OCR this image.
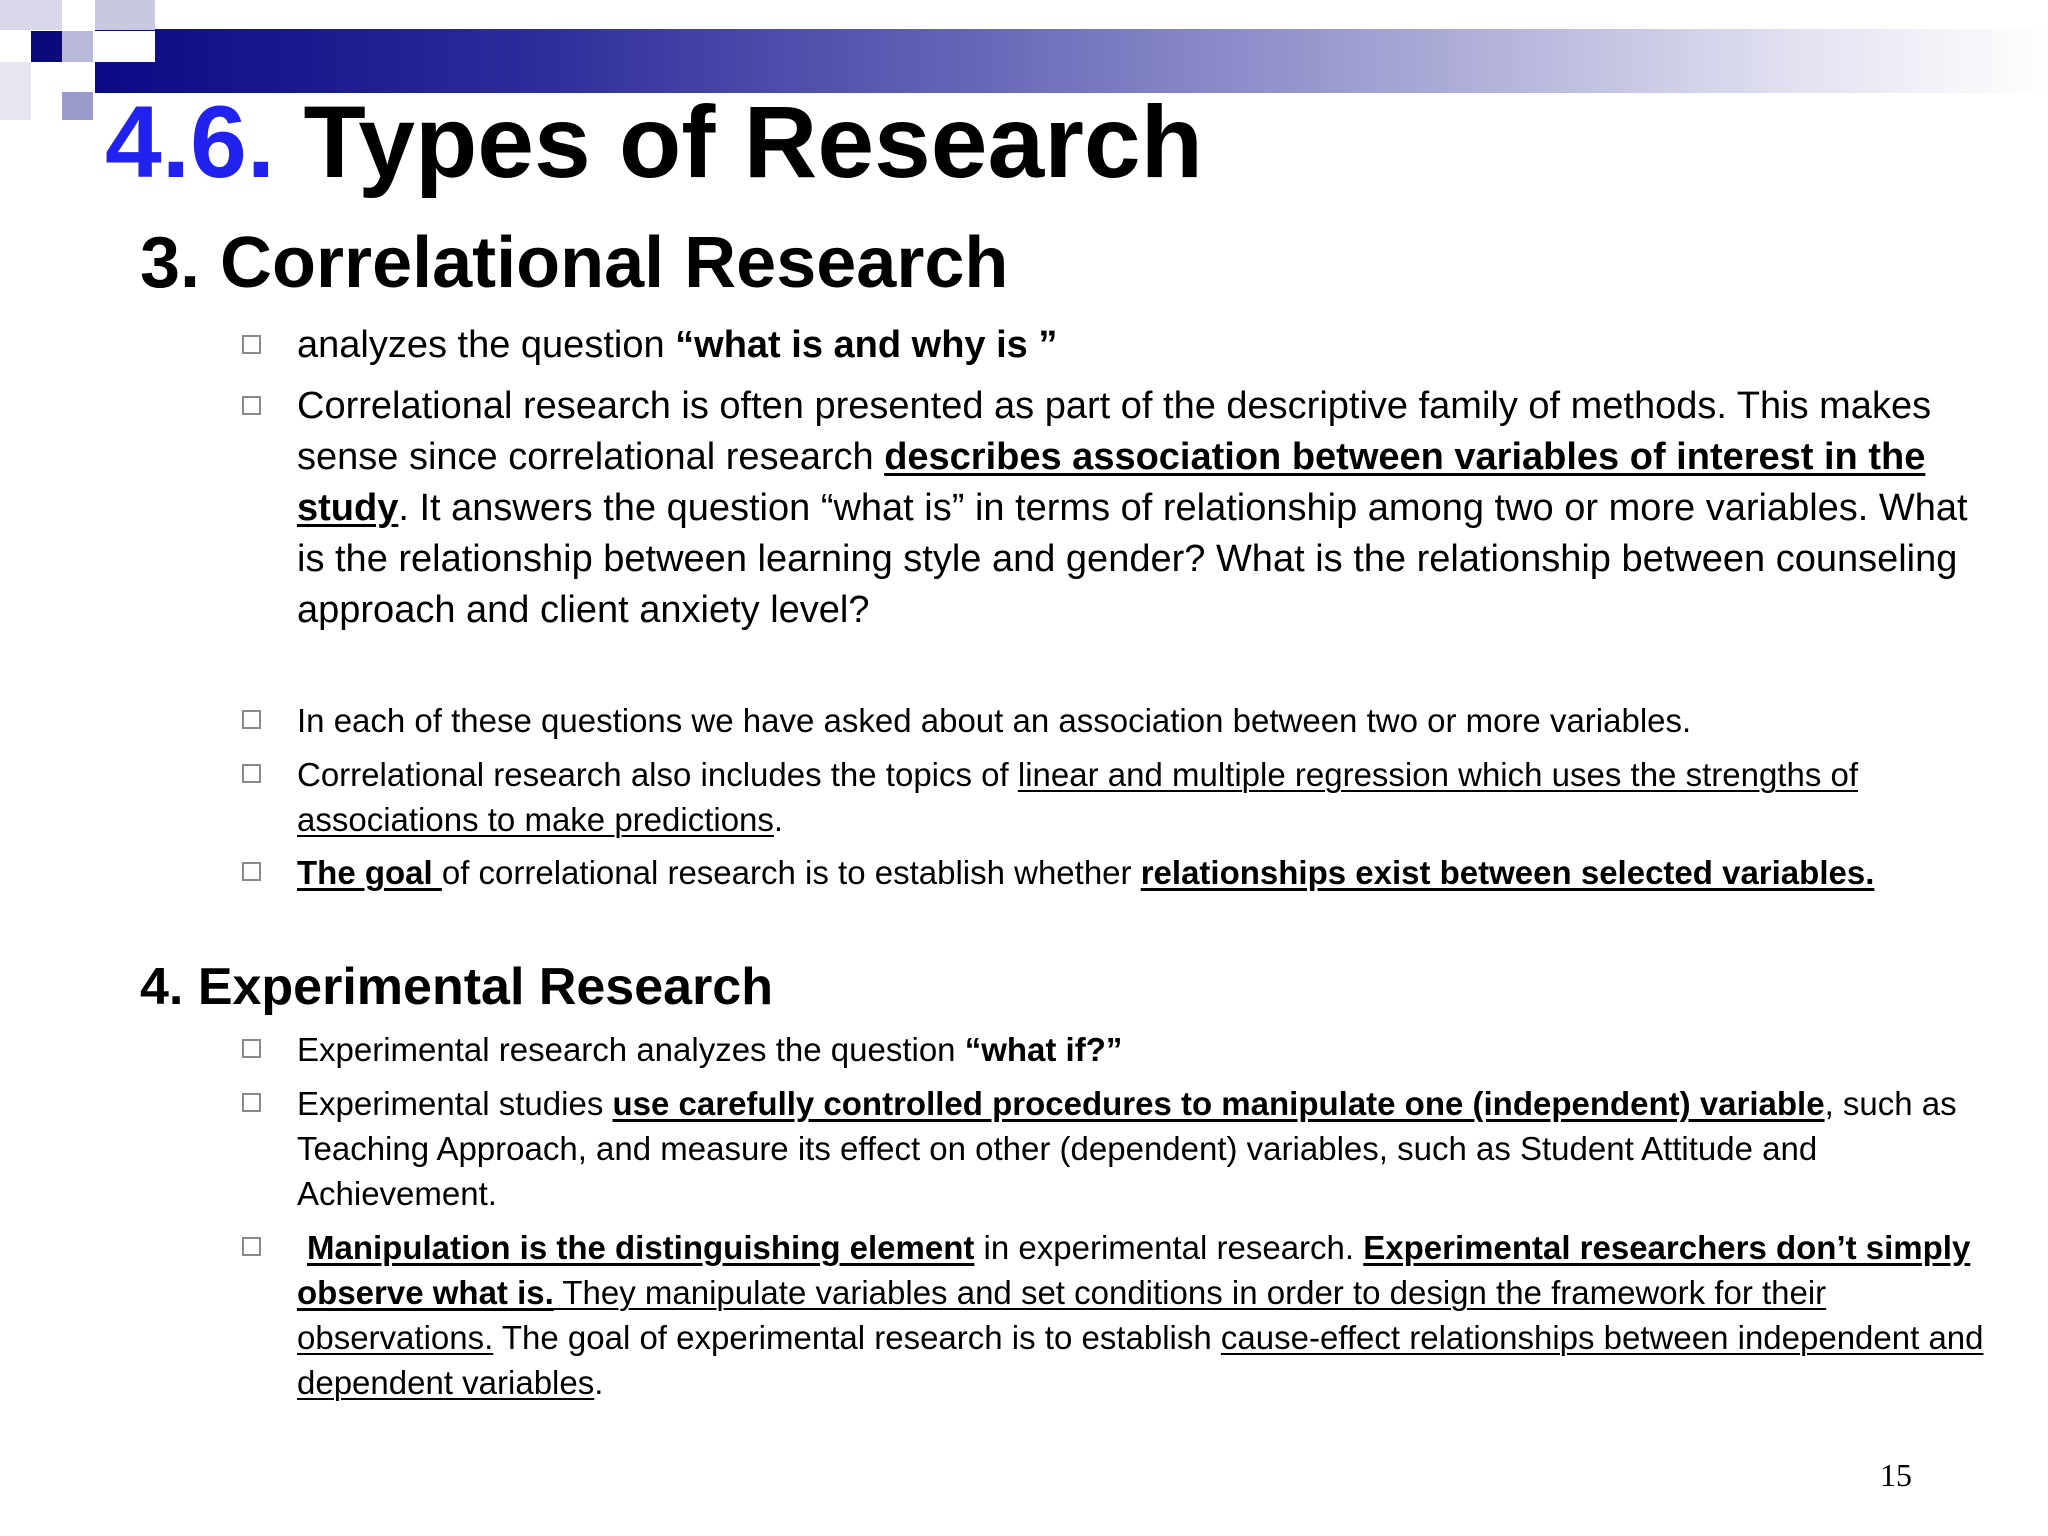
4.6. Types of Research
3. Correlational Research
analyzes the question “what is and why is ”
Correlational research is often presented as part of the descriptive family of methods. This makes sense since correlational research describes association between variables of interest in the study. It answers the question “what is” in terms of relationship among two or more variables. What is the relationship between learning style and gender? What is the relationship between counseling approach and client anxiety level?
In each of these questions we have asked about an association between two or more variables.
Correlational research also includes the topics of linear and multiple regression which uses the strengths of associations to make predictions.
The goal of correlational research is to establish whether relationships exist between selected variables.
4. Experimental Research
Experimental research analyzes the question “what if?”
Experimental studies use carefully controlled procedures to manipulate one (independent) variable, such as Teaching Approach, and measure its effect on other (dependent) variables, such as Student Attitude and Achievement.
Manipulation is the distinguishing element in experimental research. Experimental researchers don’t simply observe what is. They manipulate variables and set conditions in order to design the framework for their observations. The goal of experimental research is to establish cause-effect relationships between independent and dependent variables.
15
